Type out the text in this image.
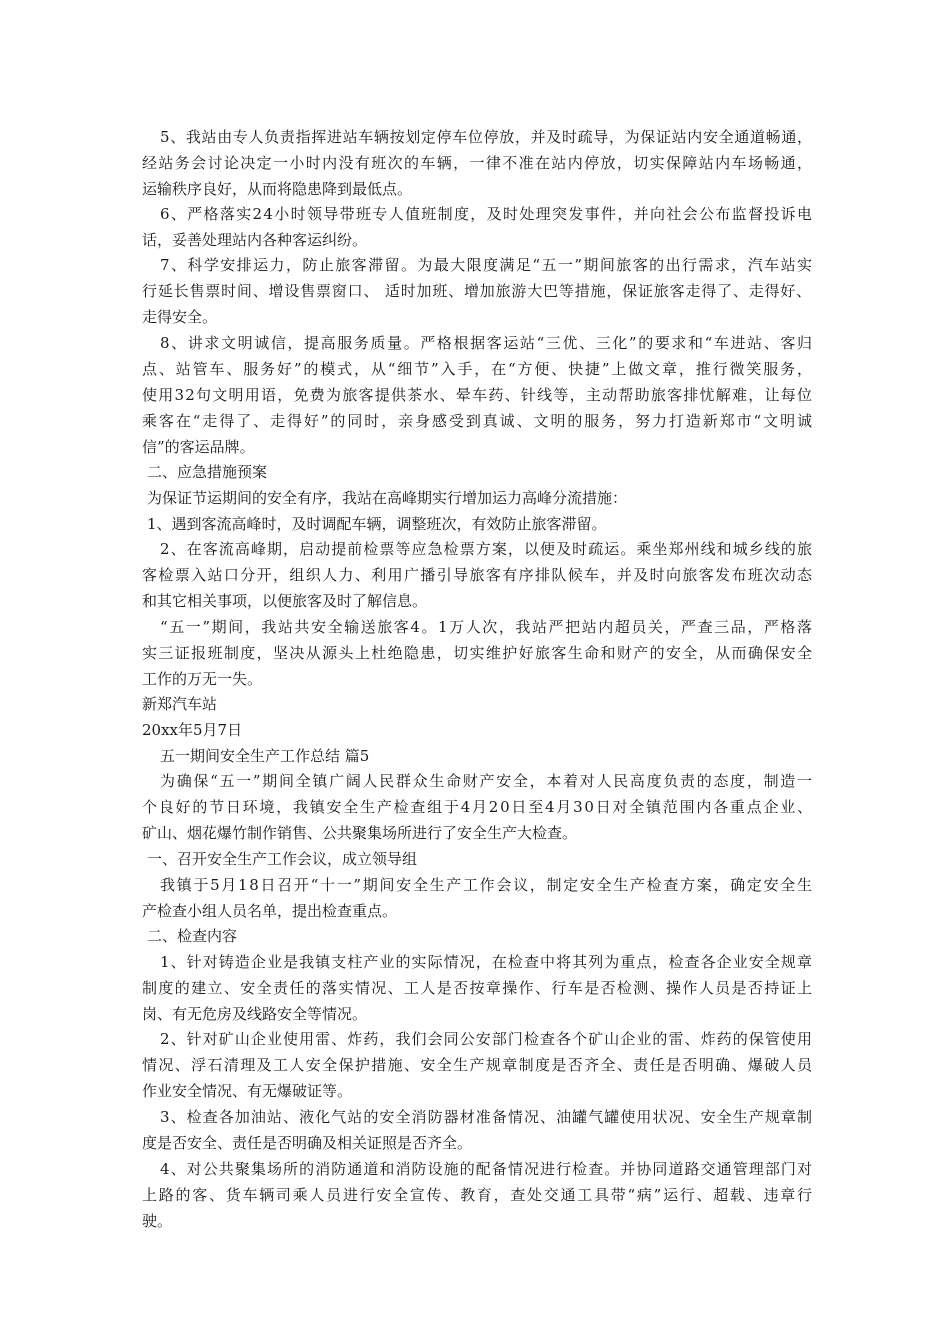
5、我站由专人负责指挥进站车辆按划定停车位停放，并及时疏导，为保证站内安全通道畅通，
经站务会讨论决定一小时内没有班次的车辆，一律不准在站内停放，切实保障站内车场畅通，
运输秩序良好，从而将隐患降到最低点。
6、严格落实24小时领导带班专人值班制度，及时处理突发事件，并向社会公布监督投诉电
话，妥善处理站内各种客运纠纷。
7、科学安排运力，防止旅客滞留。为最大限度满足“五一”期间旅客的出行需求，汽车站实
行延长售票时间、增设售票窗口、 适时加班、增加旅游大巴等措施，保证旅客走得了、走得好、
走得安全。
8、讲求文明诚信，提高服务质量。严格根据客运站“三优、三化”的要求和“车进站、客归
点、站管车、服务好”的模式，从“细节”入手，在“方便、快捷”上做文章，推行微笑服务，
使用32句文明用语，免费为旅客提供茶水、晕车药、针线等，主动帮助旅客排忧解难，让每位
乘客在“走得了、走得好”的同时，亲身感受到真诚、文明的服务，努力打造新郑市“文明诚
信”的客运品牌。
二、应急措施预案
为保证节运期间的安全有序，我站在高峰期实行增加运力高峰分流措施：
1、遇到客流高峰时，及时调配车辆，调整班次，有效防止旅客滞留。
2、在客流高峰期，启动提前检票等应急检票方案，以便及时疏运。乘坐郑州线和城乡线的旅
客检票入站口分开，组织人力、利用广播引导旅客有序排队候车，并及时向旅客发布班次动态
和其它相关事项，以便旅客及时了解信息。
“五一”期间，我站共安全输送旅客4。1万人次，我站严把站内超员关，严查三品，严格落
实三证报班制度，坚决从源头上杜绝隐患，切实维护好旅客生命和财产的安全，从而确保安全
工作的万无一失。
新郑汽车站
20xx年5月7日
五一期间安全生产工作总结 篇5
为确保“五一”期间全镇广阔人民群众生命财产安全，本着对人民高度负责的态度，制造一
个良好的节日环境，我镇安全生产检查组于4月20日至4月30日对全镇范围内各重点企业、
矿山、烟花爆竹制作销售、公共聚集场所进行了安全生产大检查。
一、召开安全生产工作会议，成立领导组
我镇于5月18日召开“十一”期间安全生产工作会议，制定安全生产检查方案，确定安全生
产检查小组人员名单，提出检查重点。
二、检查内容
1、针对铸造企业是我镇支柱产业的实际情况，在检查中将其列为重点，检查各企业安全规章
制度的建立、安全责任的落实情况、工人是否按章操作、行车是否检测、操作人员是否持证上
岗、有无危房及线路安全等情况。
2、针对矿山企业使用雷、炸药，我们会同公安部门检查各个矿山企业的雷、炸药的保管使用
情况、浮石清理及工人安全保护措施、安全生产规章制度是否齐全、责任是否明确、爆破人员
作业安全情况、有无爆破证等。
3、检查各加油站、液化气站的安全消防器材准备情况、油罐气罐使用状况、安全生产规章制
度是否安全、责任是否明确及相关证照是否齐全。
4、对公共聚集场所的消防通道和消防设施的配备情况进行检查。并协同道路交通管理部门对
上路的客、货车辆司乘人员进行安全宣传、教育，查处交通工具带“病”运行、超载、违章行
驶。
